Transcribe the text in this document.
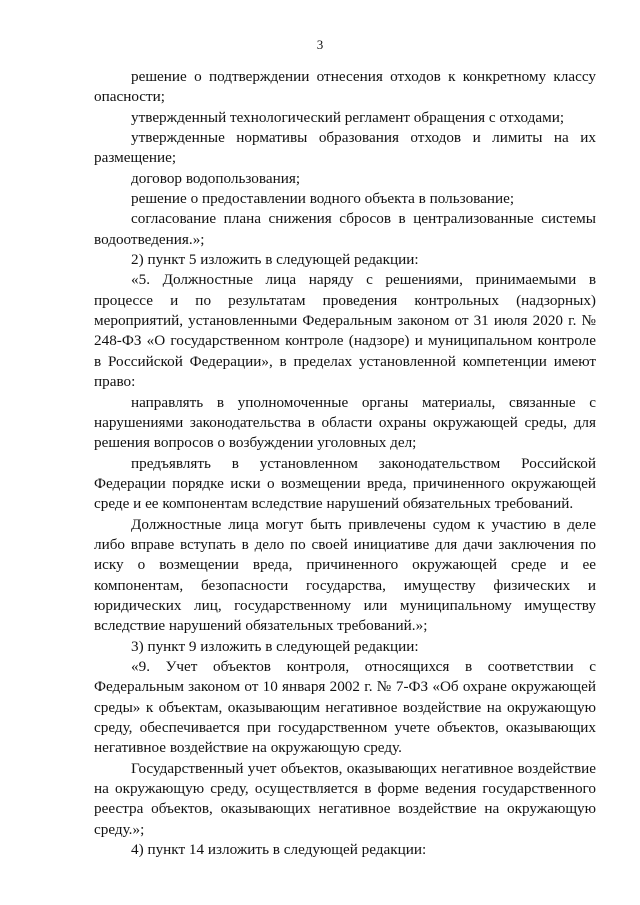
3

решение о подтверждении отнесения отходов к конкретному классу опасности;

утвержденный технологический регламент обращения с отходами;

утвержденные нормативы образования отходов и лимиты на их размещение;

договор водопользования;

решение о предоставлении водного объекта в пользование;

согласование плана снижения сбросов в централизованные системы водоотведения.»;

2) пункт 5 изложить в следующей редакции:

«5. Должностные лица наряду с решениями, принимаемыми в процессе и по результатам проведения контрольных (надзорных) мероприятий, установленными Федеральным законом от 31 июля 2020 г. № 248-ФЗ «О государственном контроле (надзоре) и муниципальном контроле в Российской Федерации», в пределах установленной компетенции имеют право:

направлять в уполномоченные органы материалы, связанные с нарушениями законодательства в области охраны окружающей среды, для решения вопросов о возбуждении уголовных дел;

предъявлять в установленном законодательством Российской Федерации порядке иски о возмещении вреда, причиненного окружающей среде и ее компонентам вследствие нарушений обязательных требований.

Должностные лица могут быть привлечены судом к участию в деле либо вправе вступать в дело по своей инициативе для дачи заключения по иску о возмещении вреда, причиненного окружающей среде и ее компонентам, безопасности государства, имуществу физических и юридических лиц, государственному или муниципальному имуществу вследствие нарушений обязательных требований.»;

3) пункт 9 изложить в следующей редакции:

«9. Учет объектов контроля, относящихся в соответствии с Федеральным законом от 10 января 2002 г. № 7-ФЗ «Об охране окружающей среды» к объектам, оказывающим негативное воздействие на окружающую среду, обеспечивается при государственном учете объектов, оказывающих негативное воздействие на окружающую среду.

Государственный учет объектов, оказывающих негативное воздействие на окружающую среду, осуществляется в форме ведения государственного реестра объектов, оказывающих негативное воздействие на окружающую среду.»;

4) пункт 14 изложить в следующей редакции:
